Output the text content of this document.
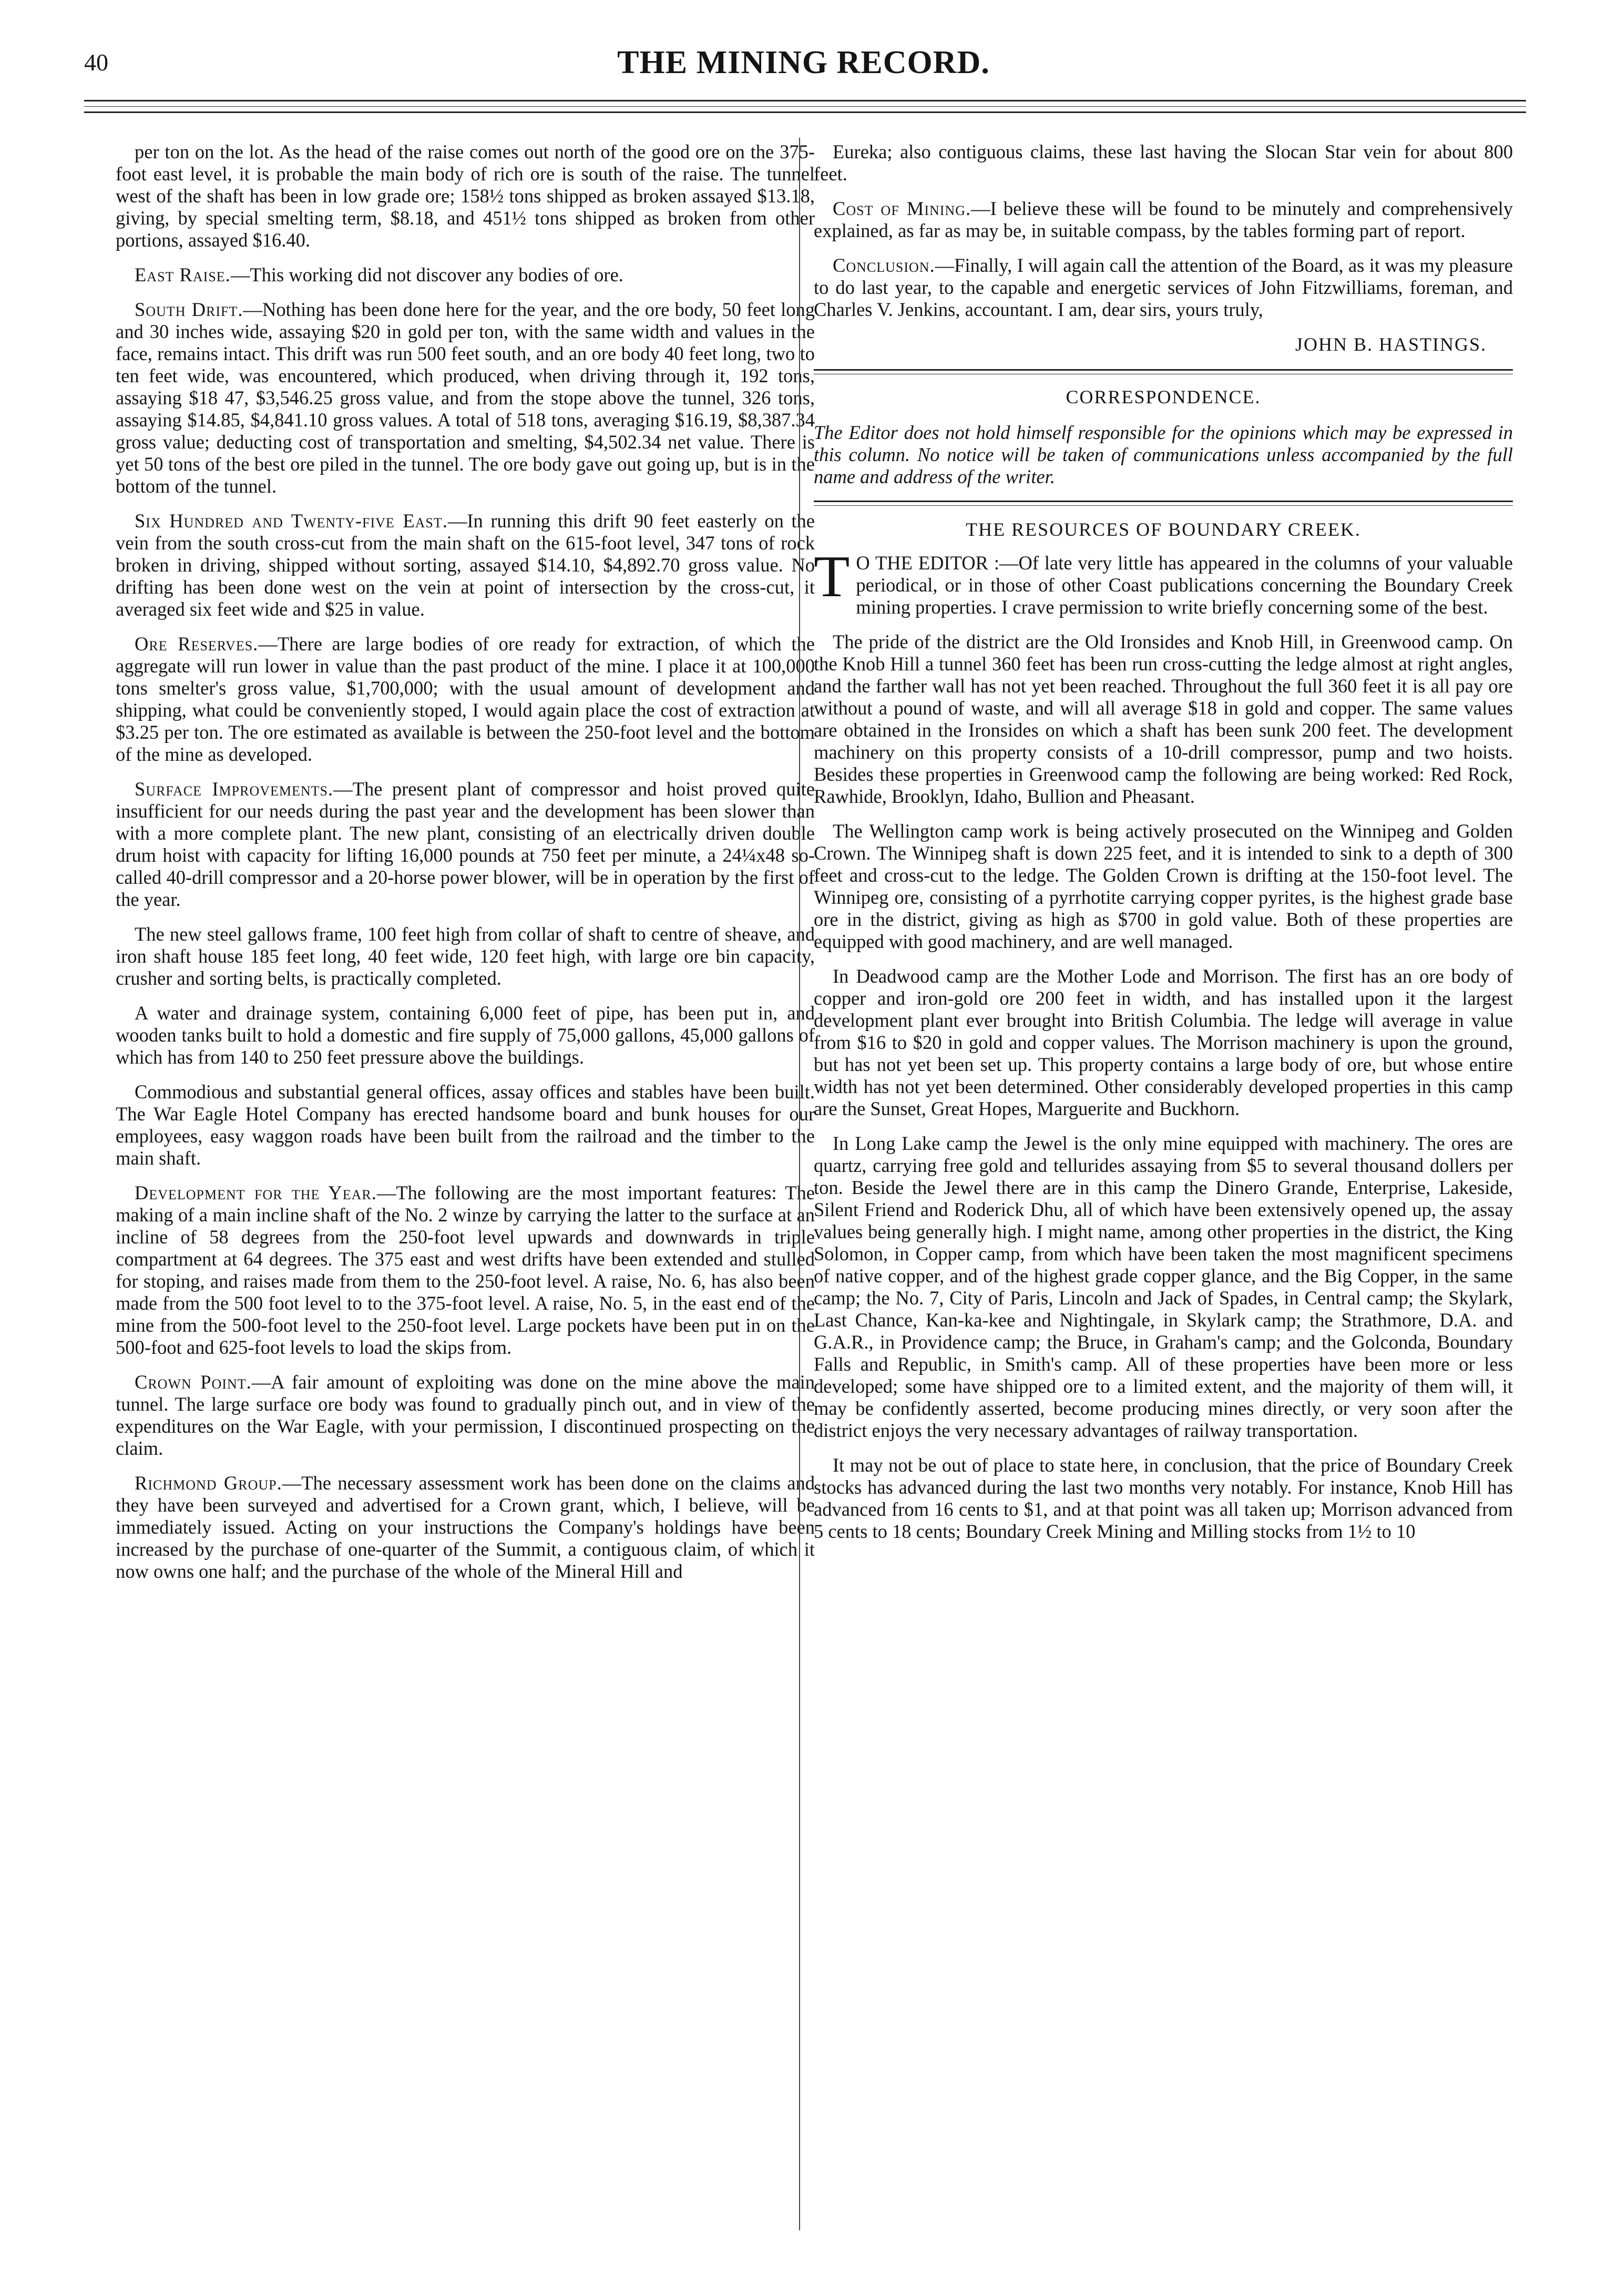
40	THE MINING RECORD.

per ton on the lot. As the head of the raise comes out north of the good ore on the 375-foot east level, it is probable the main body of rich ore is south of the raise. The tunnel west of the shaft has been in low grade ore; 158½ tons shipped as broken assayed $13.18, giving, by special smelting term, $8.18, and 451½ tons shipped as broken from other portions, assayed $16.40.

East Raise.—This working did not discover any bodies of ore.

South Drift.—Nothing has been done here for the year, and the ore body, 50 feet long and 30 inches wide, assaying $20 in gold per ton, with the same width and values in the face, remains intact. This drift was run 500 feet south, and an ore body 40 feet long, two to ten feet wide, was encountered, which produced, when driving through it, 192 tons, assaying $18 47, $3,546.25 gross value, and from the stope above the tunnel, 326 tons, assaying $14.85, $4,841.10 gross values. A total of 518 tons, averaging $16.19, $8,387.34 gross value; deducting cost of transportation and smelting, $4,502.34 net value. There is yet 50 tons of the best ore piled in the tunnel. The ore body gave out going up, but is in the bottom of the tunnel.

Six Hundred and Twenty-five East.—In running this drift 90 feet easterly on the vein from the south cross-cut from the main shaft on the 615-foot level, 347 tons of rock broken in driving, shipped without sorting, assayed $14.10, $4,892.70 gross value. No drifting has been done west on the vein at point of intersection by the cross-cut, it averaged six feet wide and $25 in value.

Ore Reserves.—There are large bodies of ore ready for extraction, of which the aggregate will run lower in value than the past product of the mine. I place it at 100,000 tons smelter's gross value, $1,700,000; with the usual amount of development and shipping, what could be conveniently stoped, I would again place the cost of extraction at $3.25 per ton. The ore estimated as available is between the 250-foot level and the bottom of the mine as developed.

Surface Improvements.—The present plant of compressor and hoist proved quite insufficient for our needs during the past year and the development has been slower than with a more complete plant. The new plant, consisting of an electrically driven double drum hoist with capacity for lifting 16,000 pounds at 750 feet per minute, a 24¼x48 so-called 40-drill compressor and a 20-horse power blower, will be in operation by the first of the year.

The new steel gallows frame, 100 feet high from collar of shaft to centre of sheave, and iron shaft house 185 feet long, 40 feet wide, 120 feet high, with large ore bin capacity, crusher and sorting belts, is practically completed.

A water and drainage system, containing 6,000 feet of pipe, has been put in, and wooden tanks built to hold a domestic and fire supply of 75,000 gallons, 45,000 gallons of which has from 140 to 250 feet pressure above the buildings.

Commodious and substantial general offices, assay offices and stables have been built. The War Eagle Hotel Company has erected handsome board and bunk houses for our employees, easy waggon roads have been built from the railroad and the timber to the main shaft.

Development for the Year.—The following are the most important features: The making of a main incline shaft of the No. 2 winze by carrying the latter to the surface at an incline of 58 degrees from the 250-foot level upwards and downwards in triple compartment at 64 degrees. The 375 east and west drifts have been extended and stulled for stoping, and raises made from them to the 250-foot level. A raise, No. 6, has also been made from the 500 foot level to to the 375-foot level. A raise, No. 5, in the east end of the mine from the 500-foot level to the 250-foot level. Large pockets have been put in on the 500-foot and 625-foot levels to load the skips from.

Crown Point.—A fair amount of exploiting was done on the mine above the main tunnel. The large surface ore body was found to gradually pinch out, and in view of the expenditures on the War Eagle, with your permission, I discontinued prospecting on the claim.

Richmond Group.—The necessary assessment work has been done on the claims and they have been surveyed and advertised for a Crown grant, which, I believe, will be immediately issued. Acting on your instructions the Company's holdings have been increased by the purchase of one-quarter of the Summit, a contiguous claim, of which it now owns one half; and the purchase of the whole of the Mineral Hill and

Eureka; also contiguous claims, these last having the Slocan Star vein for about 800 feet.

Cost of Mining.—I believe these will be found to be minutely and comprehensively explained, as far as may be, in suitable compass, by the tables forming part of report.

Conclusion.—Finally, I will again call the attention of the Board, as it was my pleasure to do last year, to the capable and energetic services of John Fitzwilliams, foreman, and Charles V. Jenkins, accountant. I am, dear sirs, yours truly,

JOHN B. HASTINGS.
CORRESPONDENCE.
The Editor does not hold himself responsible for the opinions which may be expressed in this column. No notice will be taken of communications unless accompanied by the full name and address of the writer.
THE RESOURCES OF BOUNDARY CREEK.

T O THE EDITOR :—Of late very little has appeared in the columns of your valuable periodical, or in those of other Coast publications concerning the Boundary Creek mining properties. I crave permission to write briefly concerning some of the best.

The pride of the district are the Old Ironsides and Knob Hill, in Greenwood camp. On the Knob Hill a tunnel 360 feet has been run cross-cutting the ledge almost at right angles, and the farther wall has not yet been reached. Throughout the full 360 feet it is all pay ore without a pound of waste, and will all average $18 in gold and copper. The same values are obtained in the Ironsides on which a shaft has been sunk 200 feet. The development machinery on this property consists of a 10-drill compressor, pump and two hoists. Besides these properties in Greenwood camp the following are being worked: Red Rock, Rawhide, Brooklyn, Idaho, Bullion and Pheasant.

The Wellington camp work is being actively prosecuted on the Winnipeg and Golden Crown. The Winnipeg shaft is down 225 feet, and it is intended to sink to a depth of 300 feet and cross-cut to the ledge. The Golden Crown is drifting at the 150-foot level. The Winnipeg ore, consisting of a pyrrhotite carrying copper pyrites, is the highest grade base ore in the district, giving as high as $700 in gold value. Both of these properties are equipped with good machinery, and are well managed.

In Deadwood camp are the Mother Lode and Morrison. The first has an ore body of copper and iron-gold ore 200 feet in width, and has installed upon it the largest development plant ever brought into British Columbia. The ledge will average in value from $16 to $20 in gold and copper values. The Morrison machinery is upon the ground, but has not yet been set up. This property contains a large body of ore, but whose entire width has not yet been determined. Other considerably developed properties in this camp are the Sunset, Great Hopes, Marguerite and Buckhorn.

In Long Lake camp the Jewel is the only mine equipped with machinery. The ores are quartz, carrying free gold and tellurides assaying from $5 to several thousand dollers per ton. Beside the Jewel there are in this camp the Dinero Grande, Enterprise, Lakeside, Silent Friend and Roderick Dhu, all of which have been extensively opened up, the assay values being generally high. I might name, among other properties in the district, the King Solomon, in Copper camp, from which have been taken the most magnificent specimens of native copper, and of the highest grade copper glance, and the Big Copper, in the same camp; the No. 7, City of Paris, Lincoln and Jack of Spades, in Central camp; the Skylark, Last Chance, Kan-ka-kee and Nightingale, in Skylark camp; the Strathmore, D.A. and G.A.R., in Providence camp; the Bruce, in Graham's camp; and the Golconda, Boundary Falls and Republic, in Smith's camp. All of these properties have been more or less developed; some have shipped ore to a limited extent, and the majority of them will, it may be confidently asserted, become producing mines directly, or very soon after the district enjoys the very necessary advantages of railway transportation.

It may not be out of place to state here, in conclusion, that the price of Boundary Creek stocks has advanced during the last two months very notably. For instance, Knob Hill has advanced from 16 cents to $1, and at that point was all taken up; Morrison advanced from 5 cents to 18 cents; Boundary Creek Mining and Milling stocks from 1½ to 10
